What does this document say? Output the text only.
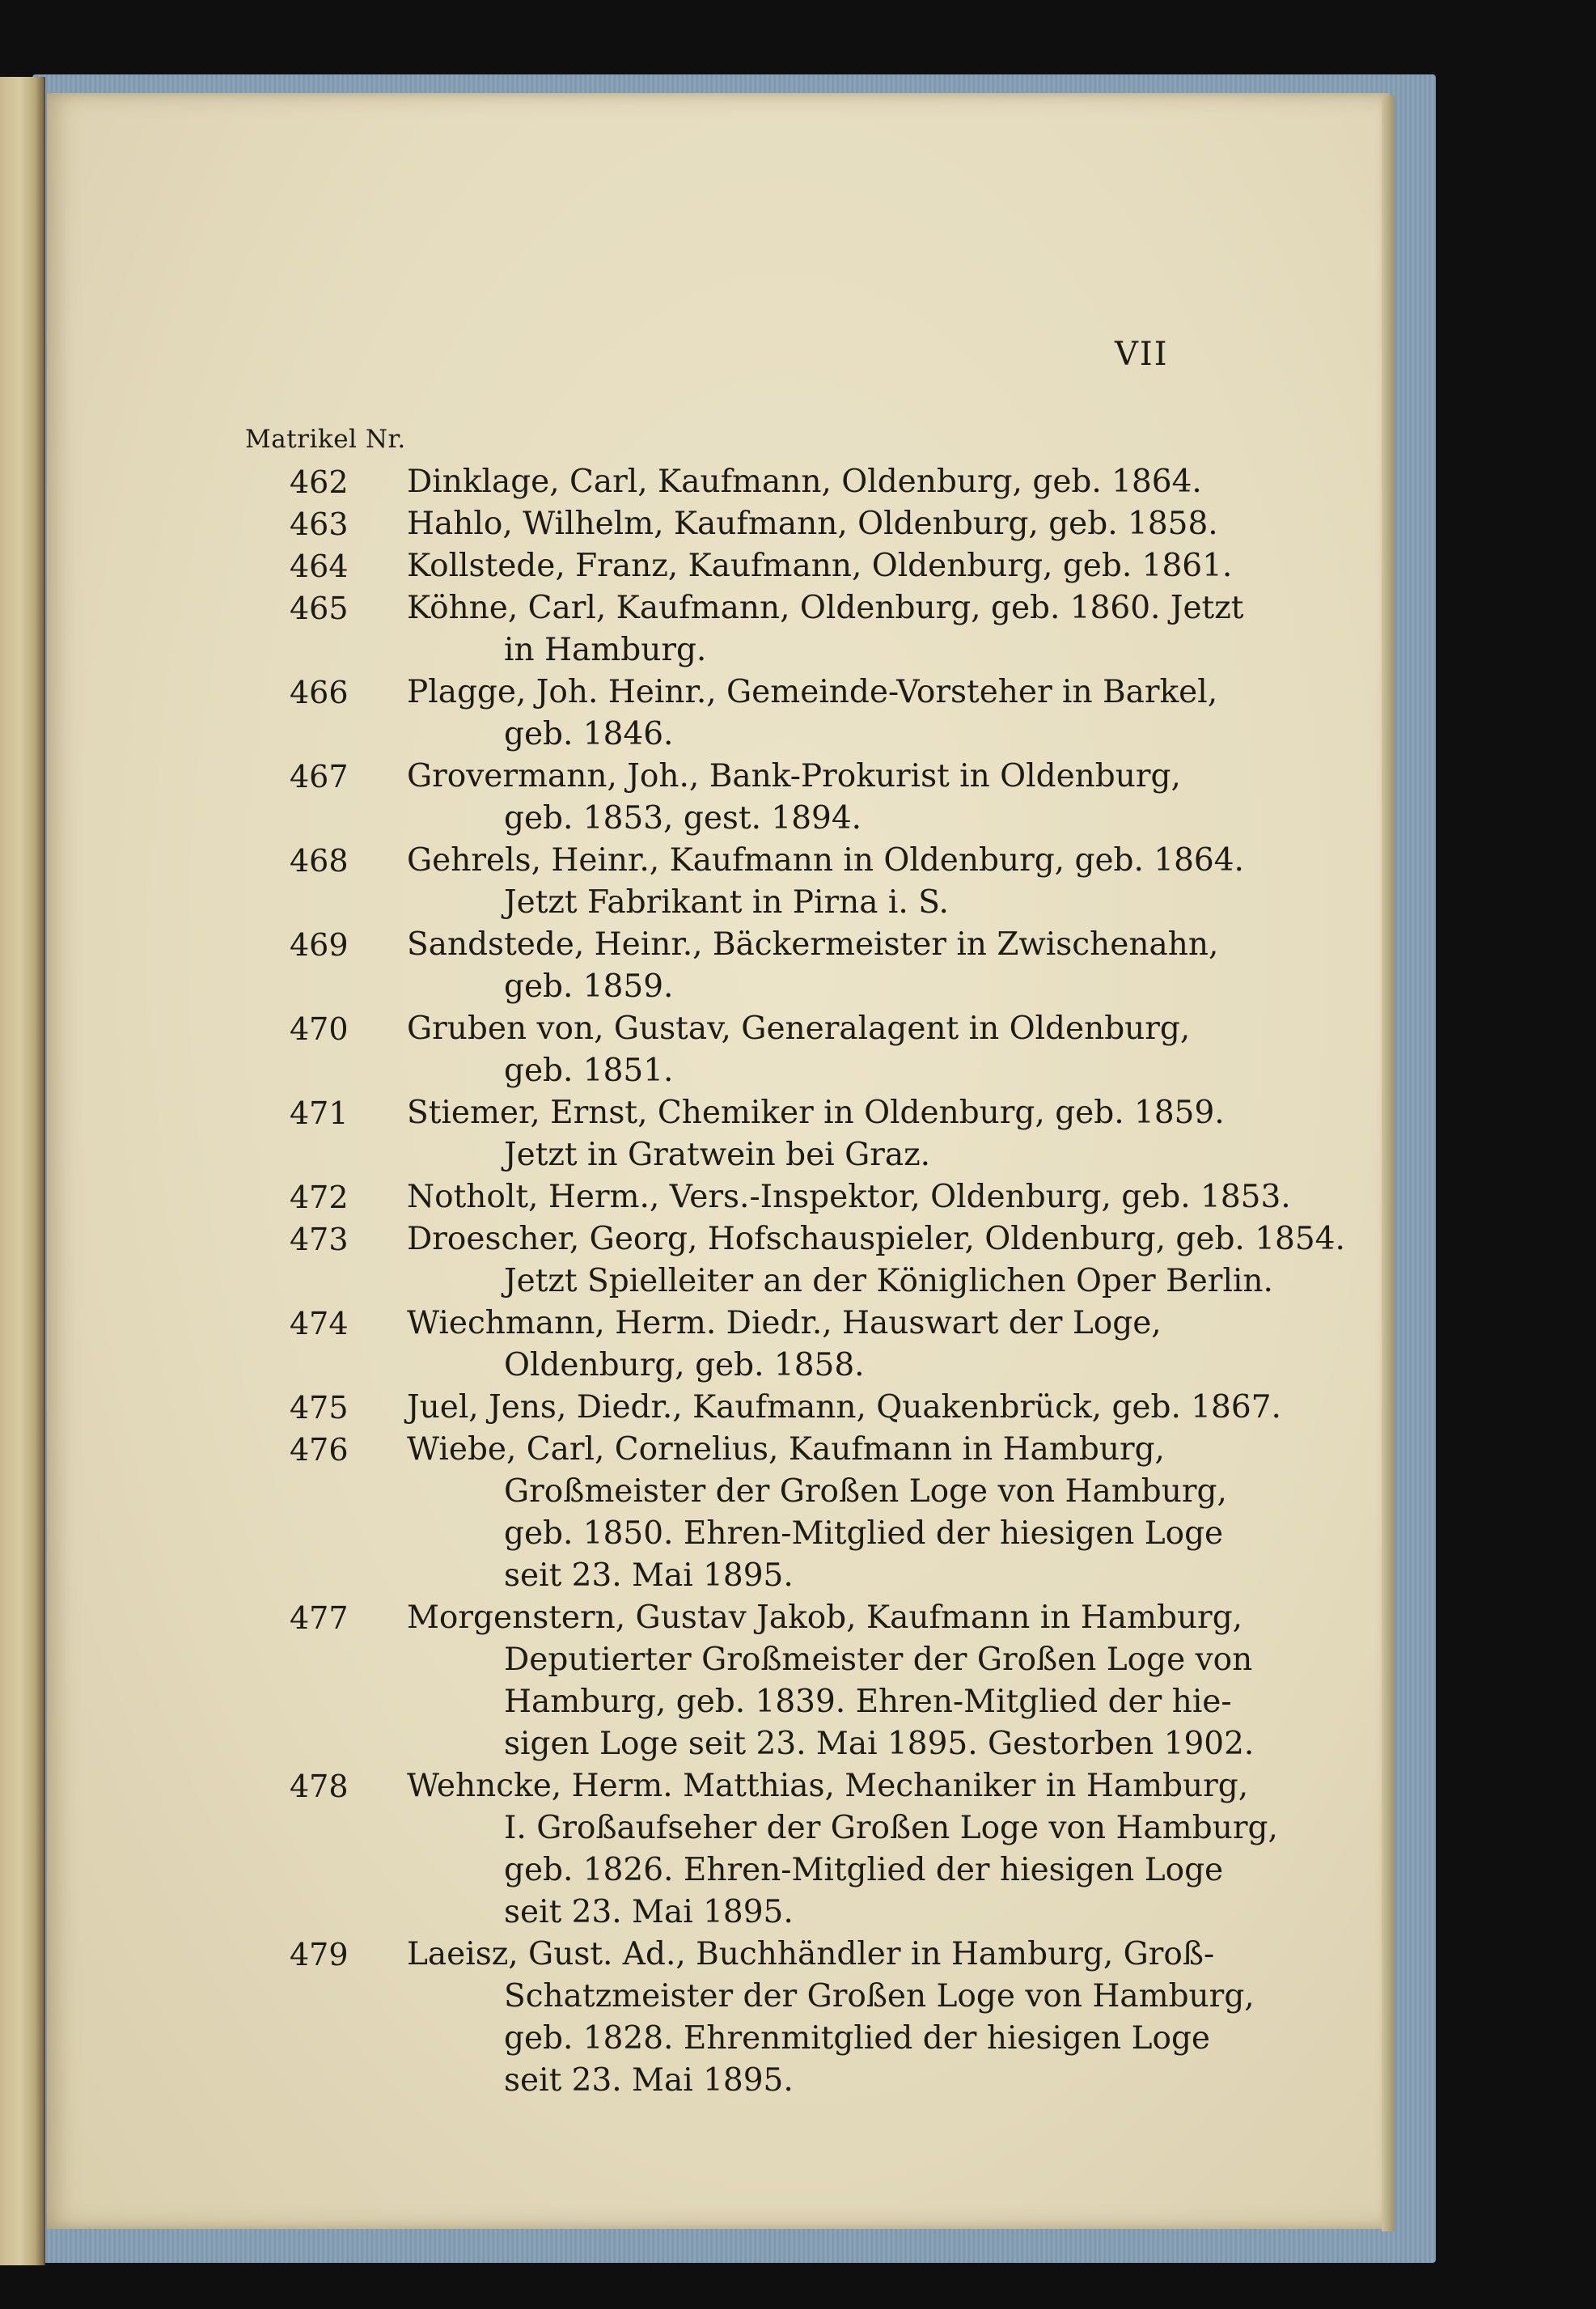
VII
Matrikel Nr.
462 Dinklage, Carl, Kaufmann, Oldenburg, geb. 1864.
463 Hahlo, Wilhelm, Kaufmann, Oldenburg, geb. 1858.
464 Kollstede, Franz, Kaufmann, Oldenburg, geb. 1861.
465 Köhne, Carl, Kaufmann, Oldenburg, geb. 1860. Jetzt
in Hamburg.
466 Plagge, Joh. Heinr., Gemeinde-Vorsteher in Barkel,
geb. 1846.
467 Grovermann, Joh., Bank-Prokurist in Oldenburg,
geb. 1853, gest. 1894.
468 Gehrels, Heinr., Kaufmann in Oldenburg, geb. 1864.
Jetzt Fabrikant in Pirna i. S.
469 Sandstede, Heinr., Bäckermeister in Zwischenahn,
geb. 1859.
470 Gruben von, Gustav, Generalagent in Oldenburg,
geb. 1851.
471 Stiemer, Ernst, Chemiker in Oldenburg, geb. 1859.
Jetzt in Gratwein bei Graz.
472 Notholt, Herm., Vers.-Inspektor, Oldenburg, geb. 1853.
473 Droescher, Georg, Hofschauspieler, Oldenburg, geb. 1854.
Jetzt Spielleiter an der Königlichen Oper Berlin.
474 Wiechmann, Herm. Diedr., Hauswart der Loge,
Oldenburg, geb. 1858.
475 Juel, Jens, Diedr., Kaufmann, Quakenbrück, geb. 1867.
476 Wiebe, Carl, Cornelius, Kaufmann in Hamburg,
Großmeister der Großen Loge von Hamburg,
geb. 1850. Ehren-Mitglied der hiesigen Loge
seit 23. Mai 1895.
477 Morgenstern, Gustav Jakob, Kaufmann in Hamburg,
Deputierter Großmeister der Großen Loge von
Hamburg, geb. 1839. Ehren-Mitglied der hie-
sigen Loge seit 23. Mai 1895. Gestorben 1902.
478 Wehncke, Herm. Matthias, Mechaniker in Hamburg,
I. Großaufseher der Großen Loge von Hamburg,
geb. 1826. Ehren-Mitglied der hiesigen Loge
seit 23. Mai 1895.
479 Laeisz, Gust. Ad., Buchhändler in Hamburg, Groß-
Schatzmeister der Großen Loge von Hamburg,
geb. 1828. Ehrenmitglied der hiesigen Loge
seit 23. Mai 1895.
